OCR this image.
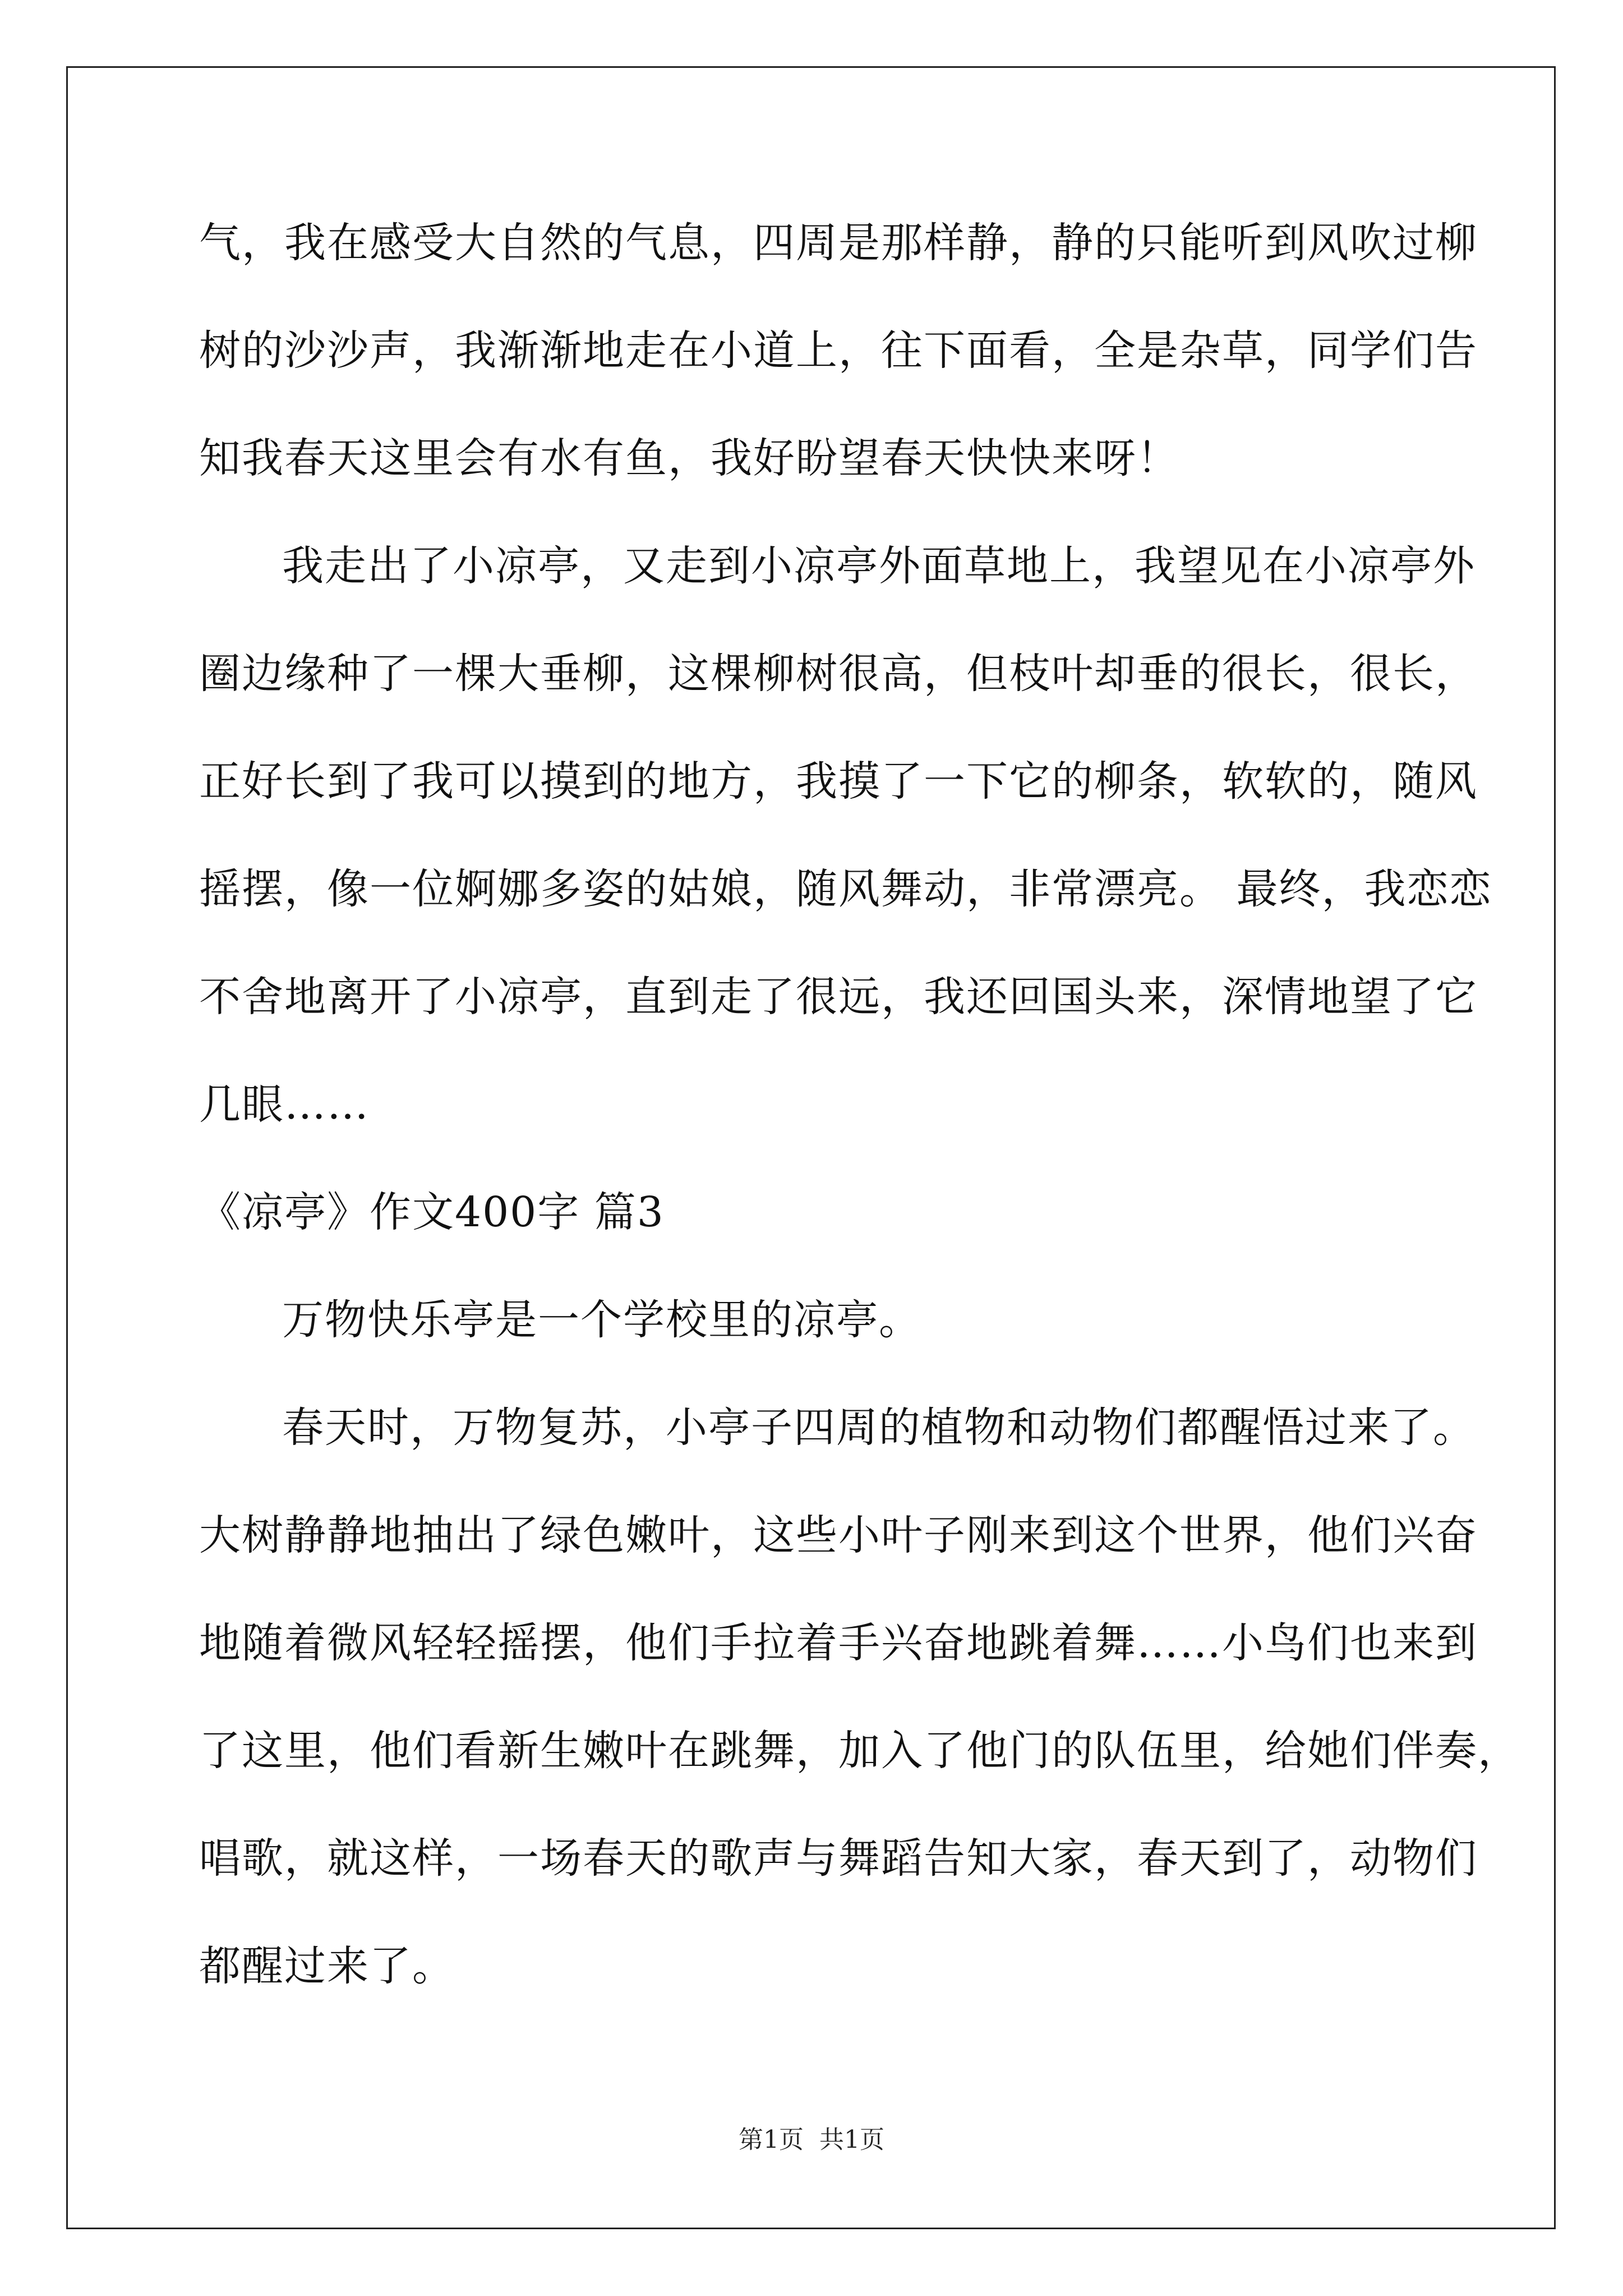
气，我在感受大自然的气息，四周是那样静，静的只能听到风吹过柳
树的沙沙声，我渐渐地走在小道上，往下面看，全是杂草，同学们告
知我春天这里会有水有鱼，我好盼望春天快快来呀！
我走出了小凉亭，又走到小凉亭外面草地上，我望见在小凉亭外
圈边缘种了一棵大垂柳，这棵柳树很高，但枝叶却垂的很长，很长，
正好长到了我可以摸到的地方，我摸了一下它的柳条，软软的，随风
摇摆，像一位婀娜多姿的姑娘，随风舞动，非常漂亮。 最终，我恋恋
不舍地离开了小凉亭，直到走了很远，我还回国头来，深情地望了它
几眼……
《凉亭》作文400字 篇3
万物快乐亭是一个学校里的凉亭。
春天时，万物复苏，小亭子四周的植物和动物们都醒悟过来了。
大树静静地抽出了绿色嫩叶，这些小叶子刚来到这个世界，他们兴奋
地随着微风轻轻摇摆，他们手拉着手兴奋地跳着舞……小鸟们也来到
了这里，他们看新生嫩叶在跳舞，加入了他门的队伍里，给她们伴奏，
唱歌，就这样，一场春天的歌声与舞蹈告知大家，春天到了，动物们
都醒过来了。
第1页 共1页
